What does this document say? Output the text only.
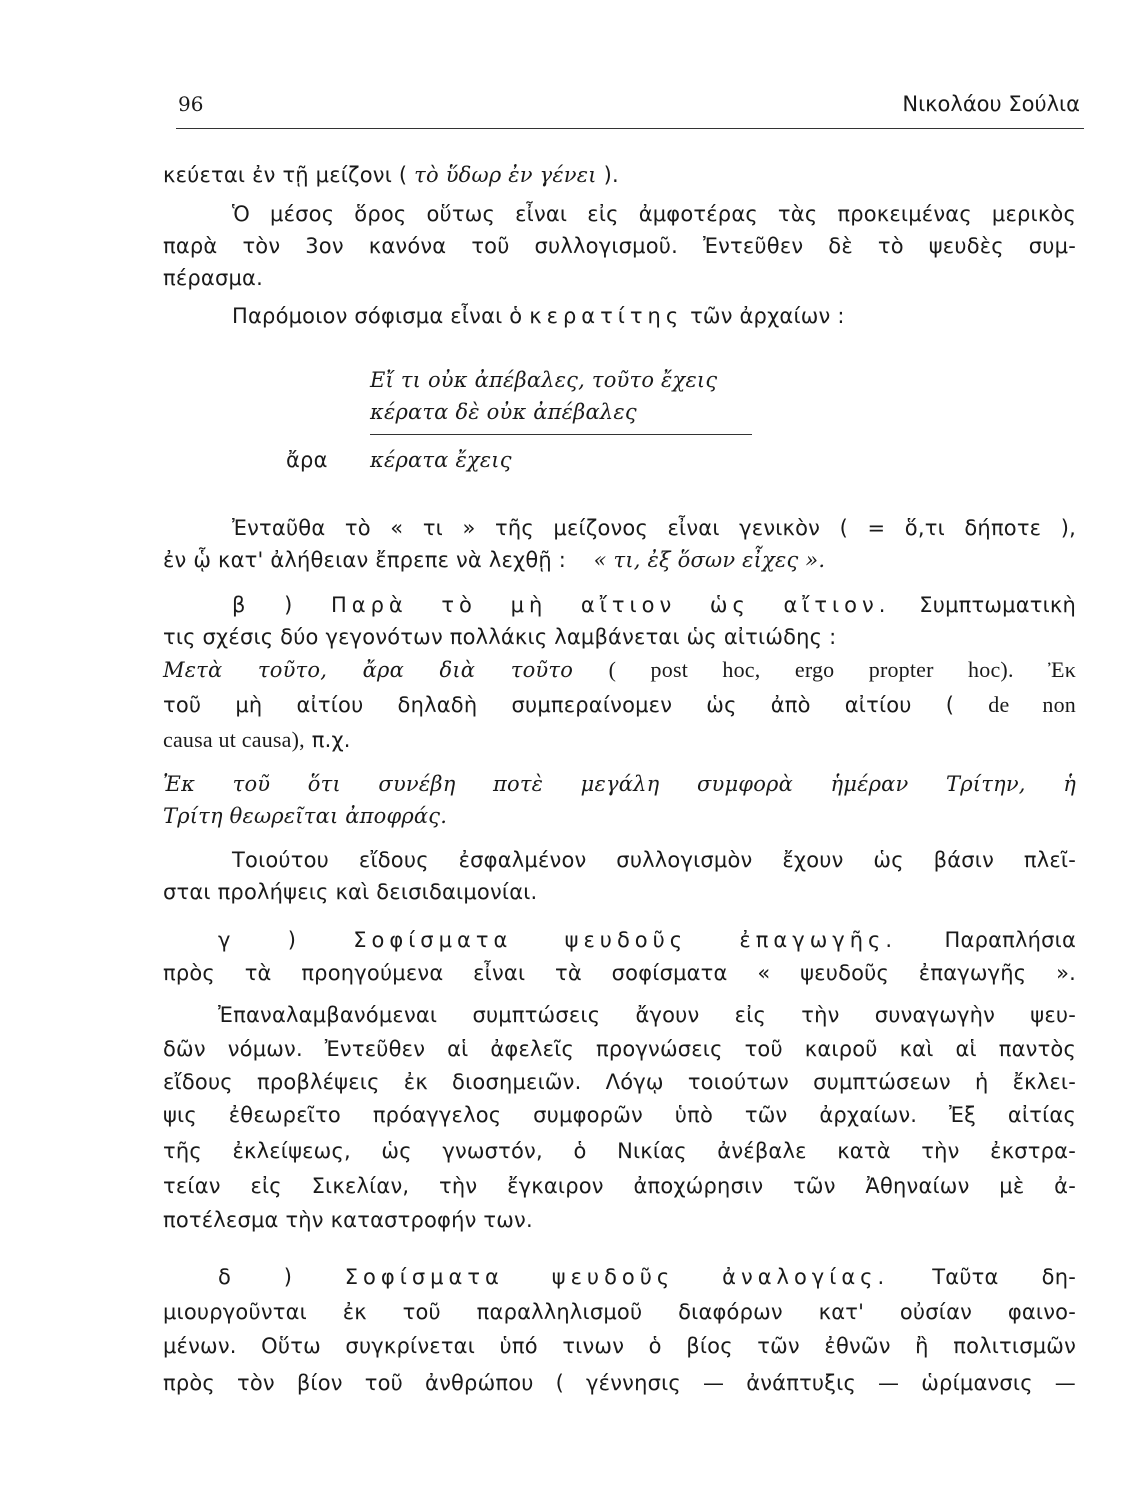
96	Νικολάου Σούλια
κεύεται ἐν τῇ μείζονι ( τὸ ὕδωρ ἐν γένει ).
Ὁ μέσος ὅρος οὕτως εἶναι εἰς ἀμφοτέρας τὰς προκειμένας μερικὸς
παρὰ τὸν 3ον κανόνα τοῦ συλλογισμοῦ. Ἐντεῦθεν δὲ τὸ ψευδὲς συμ-
πέρασμα.
Παρόμοιον σόφισμα εἶναι ὁ κερατίτης τῶν ἀρχαίων :
Εἴ τι οὐκ ἀπέβαλες, τοῦτο ἔχεις
κέρατα δὲ οὐκ ἀπέβαλες
ἄρα κέρατα ἔχεις
Ἐνταῦθα τὸ « τι » τῆς μείζονος εἶναι γενικὸν ( = ὅ,τι δήποτε ),
ἐν ᾧ κατ' ἀλήθειαν ἔπρεπε νὰ λεχθῇ : « τι, ἐξ ὅσων εἶχες ».
β ) Παρὰ τὸ μὴ αἴτιον ὡς αἴτιον. Συμπτωματικὴ
τις σχέσις δύο γεγονότων πολλάκις λαμβάνεται ὡς αἰτιώδης :
Μετὰ τοῦτο, ἄρα διὰ τοῦτο ( post hoc, ergo propter hoc). Ἐκ
τοῦ μὴ αἰτίου δηλαδὴ συμπεραίνομεν ὡς ἀπὸ αἰτίου ( de non
causa ut causa), π.χ.
Ἐκ τοῦ ὅτι συνέβη ποτὲ μεγάλη συμφορὰ ἡμέραν Τρίτην, ἡ
Τρίτη θεωρεῖται ἀποφράς.
Τοιούτου εἴδους ἐσφαλμένον συλλογισμὸν ἔχουν ὡς βάσιν πλεῖ-
σται προλήψεις καὶ δεισιδαιμονίαι.
γ ) Σοφίσματα ψευδοῦς ἐπαγωγῆς. Παραπλήσια
πρὸς τὰ προηγούμενα εἶναι τὰ σοφίσματα « ψευδοῦς ἐπαγωγῆς ».
Ἐπαναλαμβανόμεναι συμπτώσεις ἄγουν εἰς τὴν συναγωγὴν ψευ-
δῶν νόμων. Ἐντεῦθεν αἱ ἀφελεῖς προγνώσεις τοῦ καιροῦ καὶ αἱ παντὸς
εἴδους προβλέψεις ἐκ διοσημειῶν. Λόγῳ τοιούτων συμπτώσεων ἡ ἔκλει-
ψις ἐθεωρεῖτο πρόαγγελος συμφορῶν ὑπὸ τῶν ἀρχαίων. Ἐξ αἰτίας
τῆς ἐκλείψεως, ὡς γνωστόν, ὁ Νικίας ἀνέβαλε κατὰ τὴν ἐκστρα-
τείαν εἰς Σικελίαν, τὴν ἔγκαιρον ἀποχώρησιν τῶν Ἀθηναίων μὲ ἀ-
ποτέλεσμα τὴν καταστροφήν των.
δ ) Σοφίσματα ψευδοῦς ἀναλογίας. Ταῦτα δη-
μιουργοῦνται ἐκ τοῦ παραλληλισμοῦ διαφόρων κατ' οὐσίαν φαινο-
μένων. Οὕτω συγκρίνεται ὑπό τινων ὁ βίος τῶν ἐθνῶν ἢ πολιτισμῶν
πρὸς τὸν βίον τοῦ ἀνθρώπου ( γέννησις — ἀνάπτυξις — ὡρίμανσις —
